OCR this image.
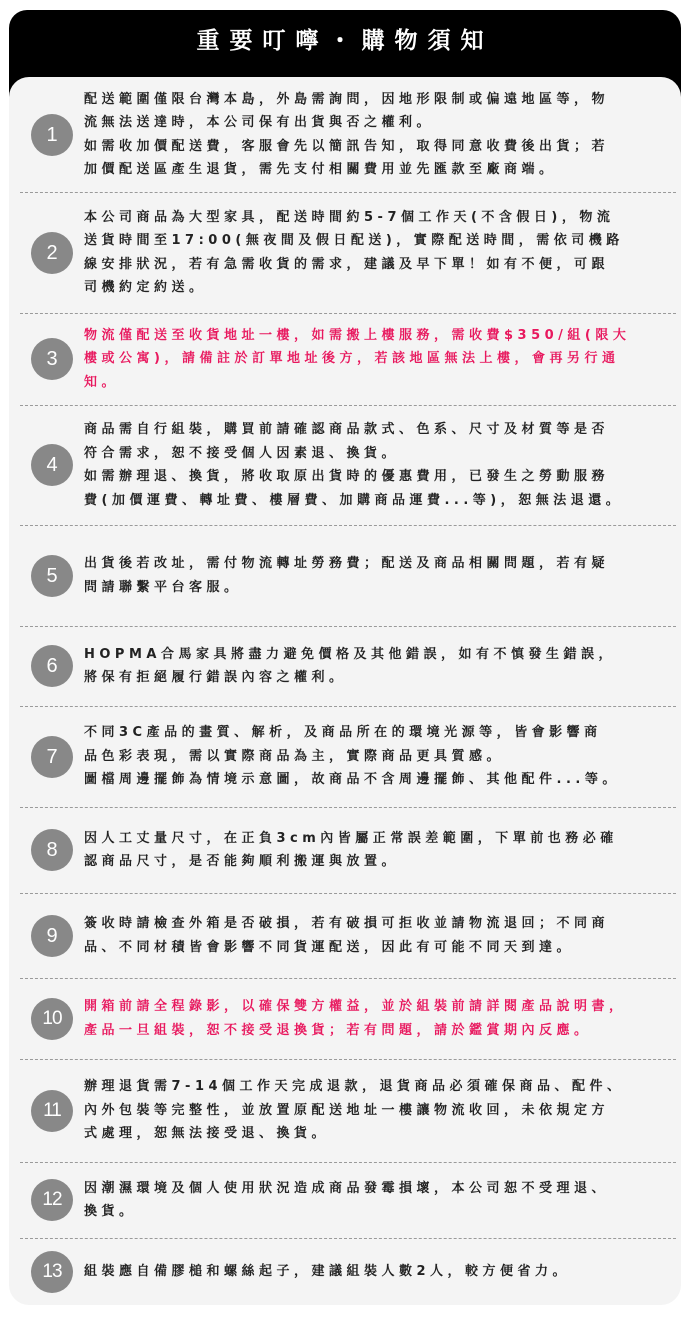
重要叮嚀・購物須知
1
配送範圍僅限台灣本島，外島需詢問，因地形限制或偏遠地區等，物
流無法送達時，本公司保有出貨與否之權利。
如需收加價配送費，客服會先以簡訊告知，取得同意收費後出貨；若
加價配送區產生退貨，需先支付相關費用並先匯款至廠商端。
2
本公司商品為大型家具，配送時間約5-7個工作天(不含假日)，物流
送貨時間至17:00(無夜間及假日配送)，實際配送時間，需依司機路
線安排狀況，若有急需收貨的需求，建議及早下單！如有不便，可跟
司機約定約送。
3
物流僅配送至收貨地址一樓，如需搬上樓服務，需收費$350/組(限大
樓或公寓)，請備註於訂單地址後方，若該地區無法上樓，會再另行通
知。
4
商品需自行組裝，購買前請確認商品款式、色系、尺寸及材質等是否
符合需求，恕不接受個人因素退、換貨。
如需辦理退、換貨，將收取原出貨時的優惠費用，已發生之勞動服務
費(加價運費、轉址費、樓層費、加購商品運費...等)，恕無法退還。
5
出貨後若改址，需付物流轉址勞務費；配送及商品相關問題，若有疑
問請聯繫平台客服。
6
HOPMA合馬家具將盡力避免價格及其他錯誤，如有不慎發生錯誤，
將保有拒絕履行錯誤內容之權利。
7
不同3C產品的畫質、解析，及商品所在的環境光源等，皆會影響商
品色彩表現，需以實際商品為主，實際商品更具質感。
圖檔周邊擺飾為情境示意圖，故商品不含周邊擺飾、其他配件...等。
8
因人工丈量尺寸，在正負3cm內皆屬正常誤差範圍，下單前也務必確
認商品尺寸，是否能夠順利搬運與放置。
9
簽收時請檢查外箱是否破損，若有破損可拒收並請物流退回；不同商
品、不同材積皆會影響不同貨運配送，因此有可能不同天到達。
10
開箱前請全程錄影，以確保雙方權益，並於組裝前請詳閱產品說明書，
產品一旦組裝，恕不接受退換貨；若有問題，請於鑑賞期內反應。
11
辦理退貨需7-14個工作天完成退款，退貨商品必須確保商品、配件、
內外包裝等完整性，並放置原配送地址一樓讓物流收回，未依規定方
式處理，恕無法接受退、換貨。
12
因潮濕環境及個人使用狀況造成商品發霉損壞，本公司恕不受理退、
換貨。
13	組裝應自備膠槌和螺絲起子，建議組裝人數2人，較方便省力。
